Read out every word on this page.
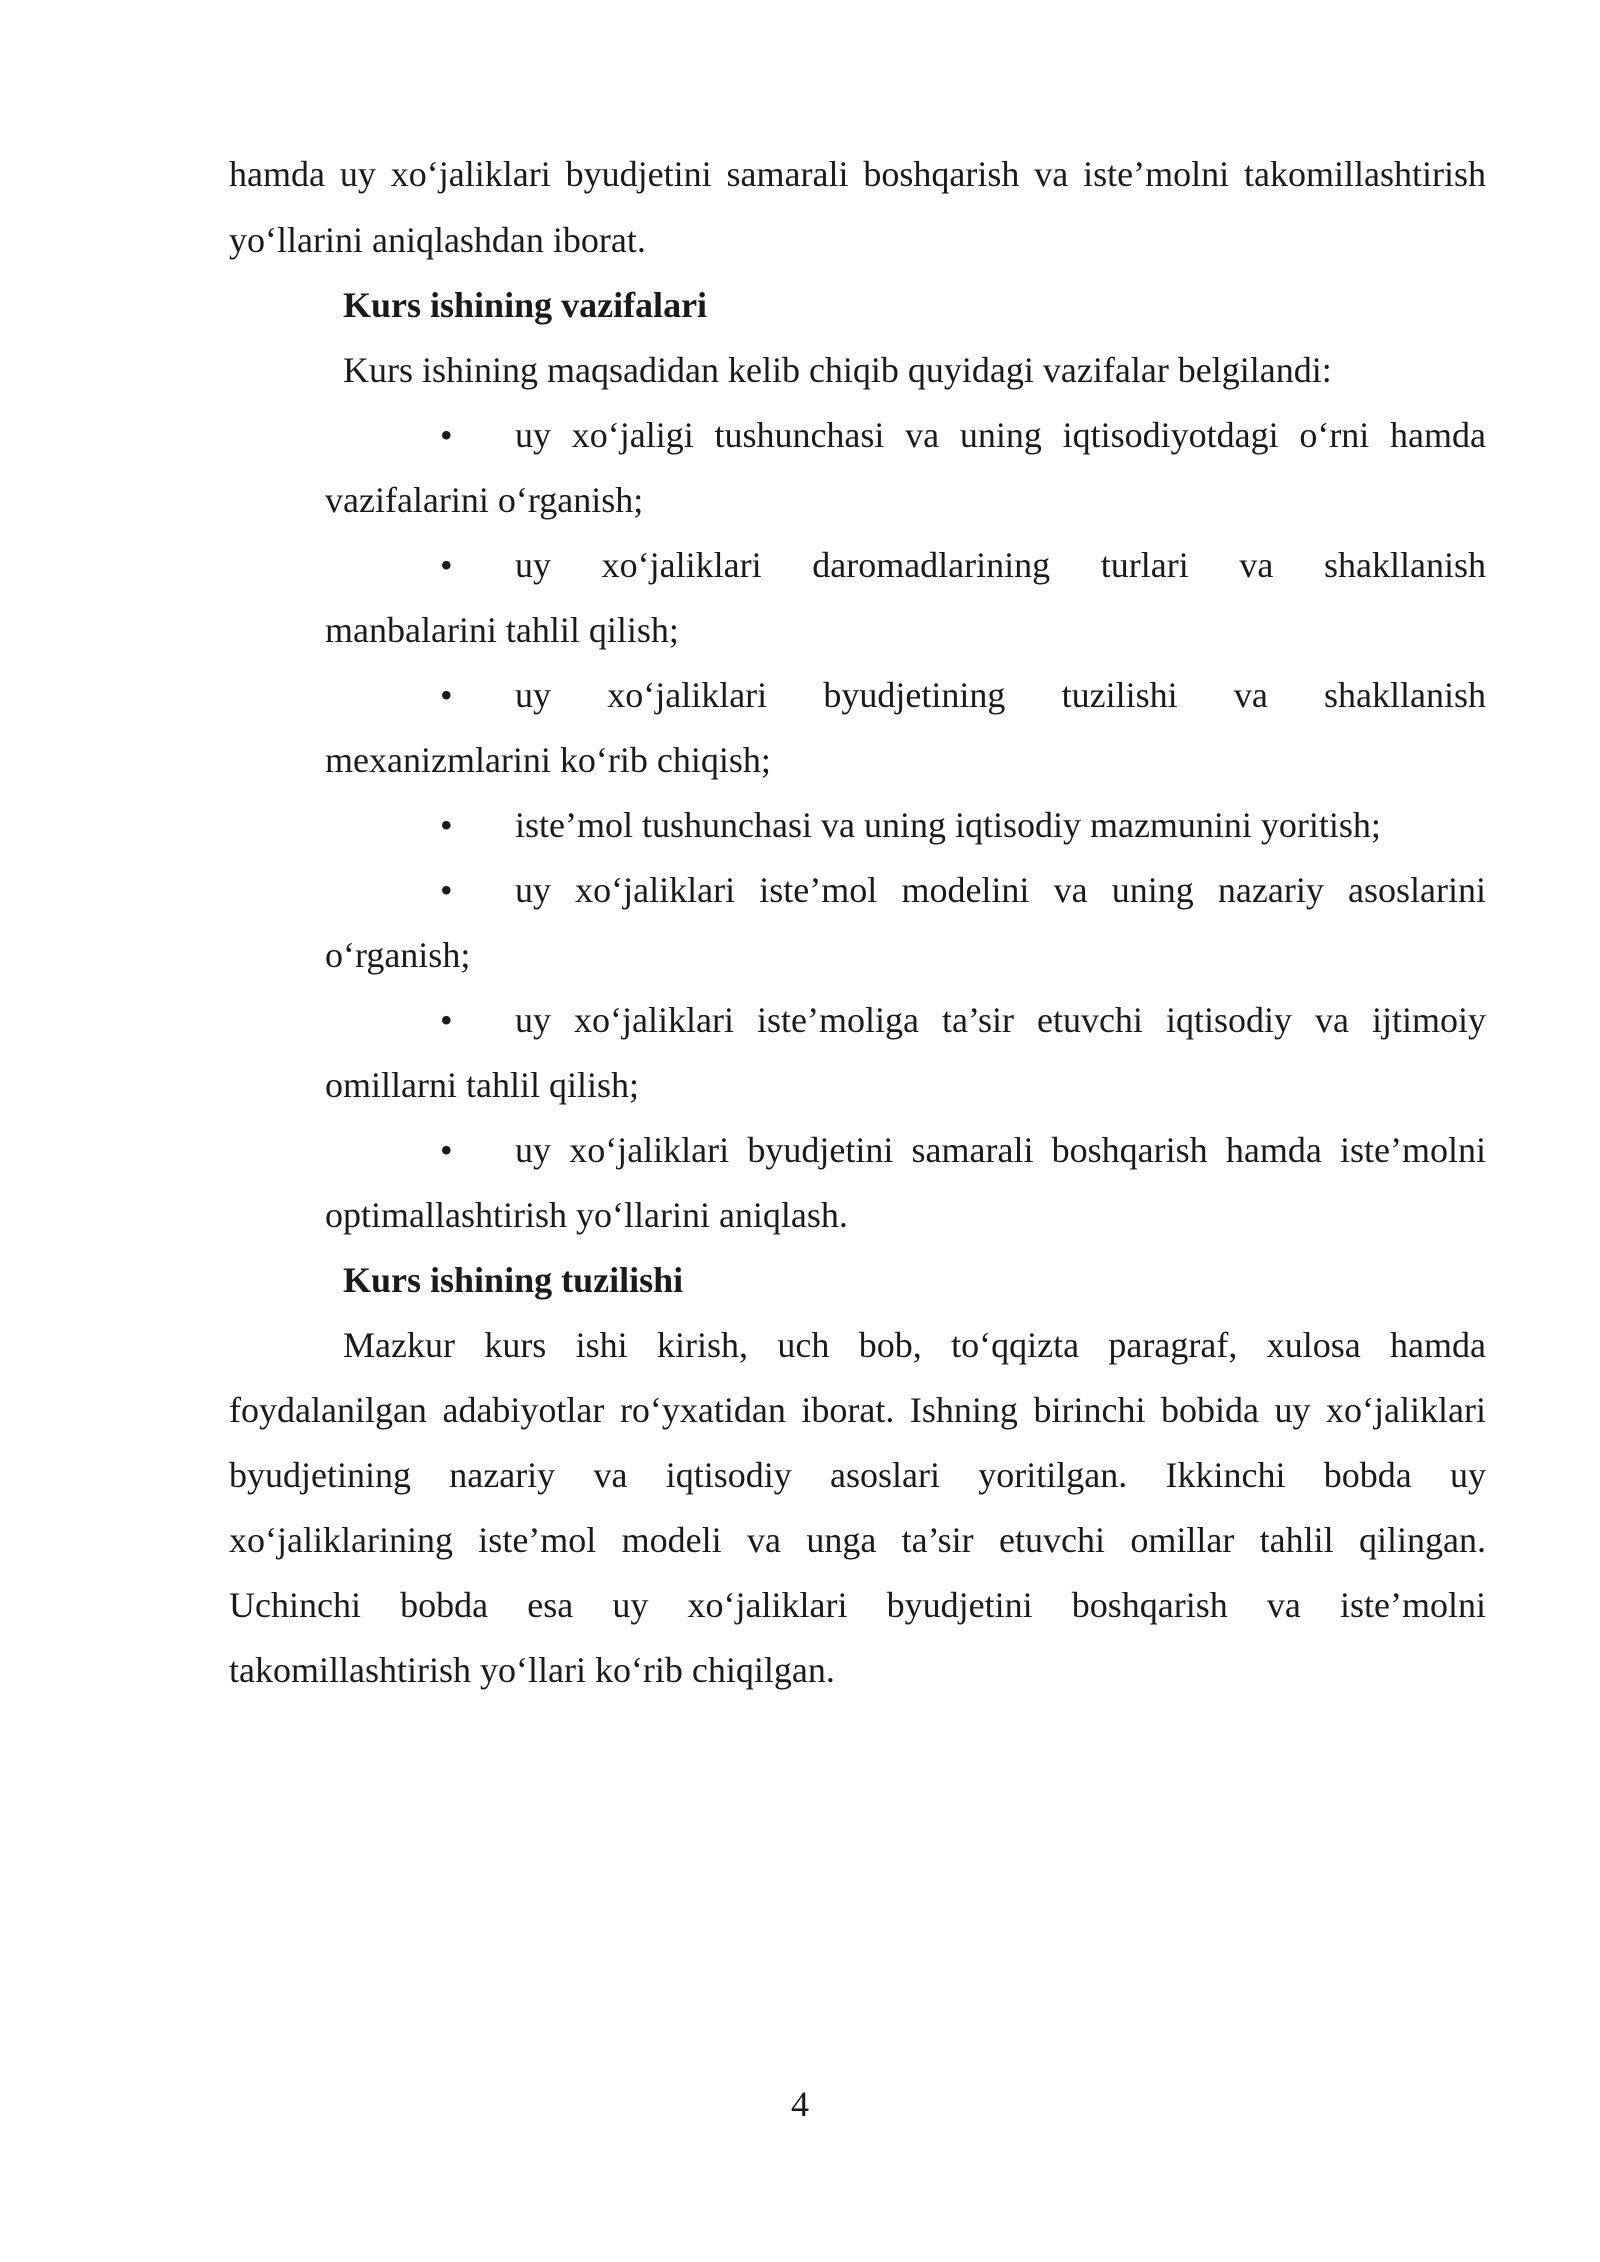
hamda uy xo‘jaliklari byudjetini samarali boshqarish va iste’molni takomillashtirish
yo‘llarini aniqlashdan iborat.
Kurs ishining vazifalari
Kurs ishining maqsadidan kelib chiqib quyidagi vazifalar belgilandi:
• uy xo‘jaligi tushunchasi va uning iqtisodiyotdagi o‘rni hamda
vazifalarini o‘rganish;
• uy xo‘jaliklari daromadlarining turlari va shakllanish
manbalarini tahlil qilish;
• uy xo‘jaliklari byudjetining tuzilishi va shakllanish
mexanizmlarini ko‘rib chiqish;
• iste’mol tushunchasi va uning iqtisodiy mazmunini yoritish;
• uy xo‘jaliklari iste’mol modelini va uning nazariy asoslarini
o‘rganish;
• uy xo‘jaliklari iste’moliga ta’sir etuvchi iqtisodiy va ijtimoiy
omillarni tahlil qilish;
• uy xo‘jaliklari byudjetini samarali boshqarish hamda iste’molni
optimallashtirish yo‘llarini aniqlash.
Kurs ishining tuzilishi
Mazkur kurs ishi kirish, uch bob, to‘qqizta paragraf, xulosa hamda
foydalanilgan adabiyotlar ro‘yxatidan iborat. Ishning birinchi bobida uy xo‘jaliklari
byudjetining nazariy va iqtisodiy asoslari yoritilgan. Ikkinchi bobda uy
xo‘jaliklarining iste’mol modeli va unga ta’sir etuvchi omillar tahlil qilingan.
Uchinchi bobda esa uy xo‘jaliklari byudjetini boshqarish va iste’molni
takomillashtirish yo‘llari ko‘rib chiqilgan.
4
